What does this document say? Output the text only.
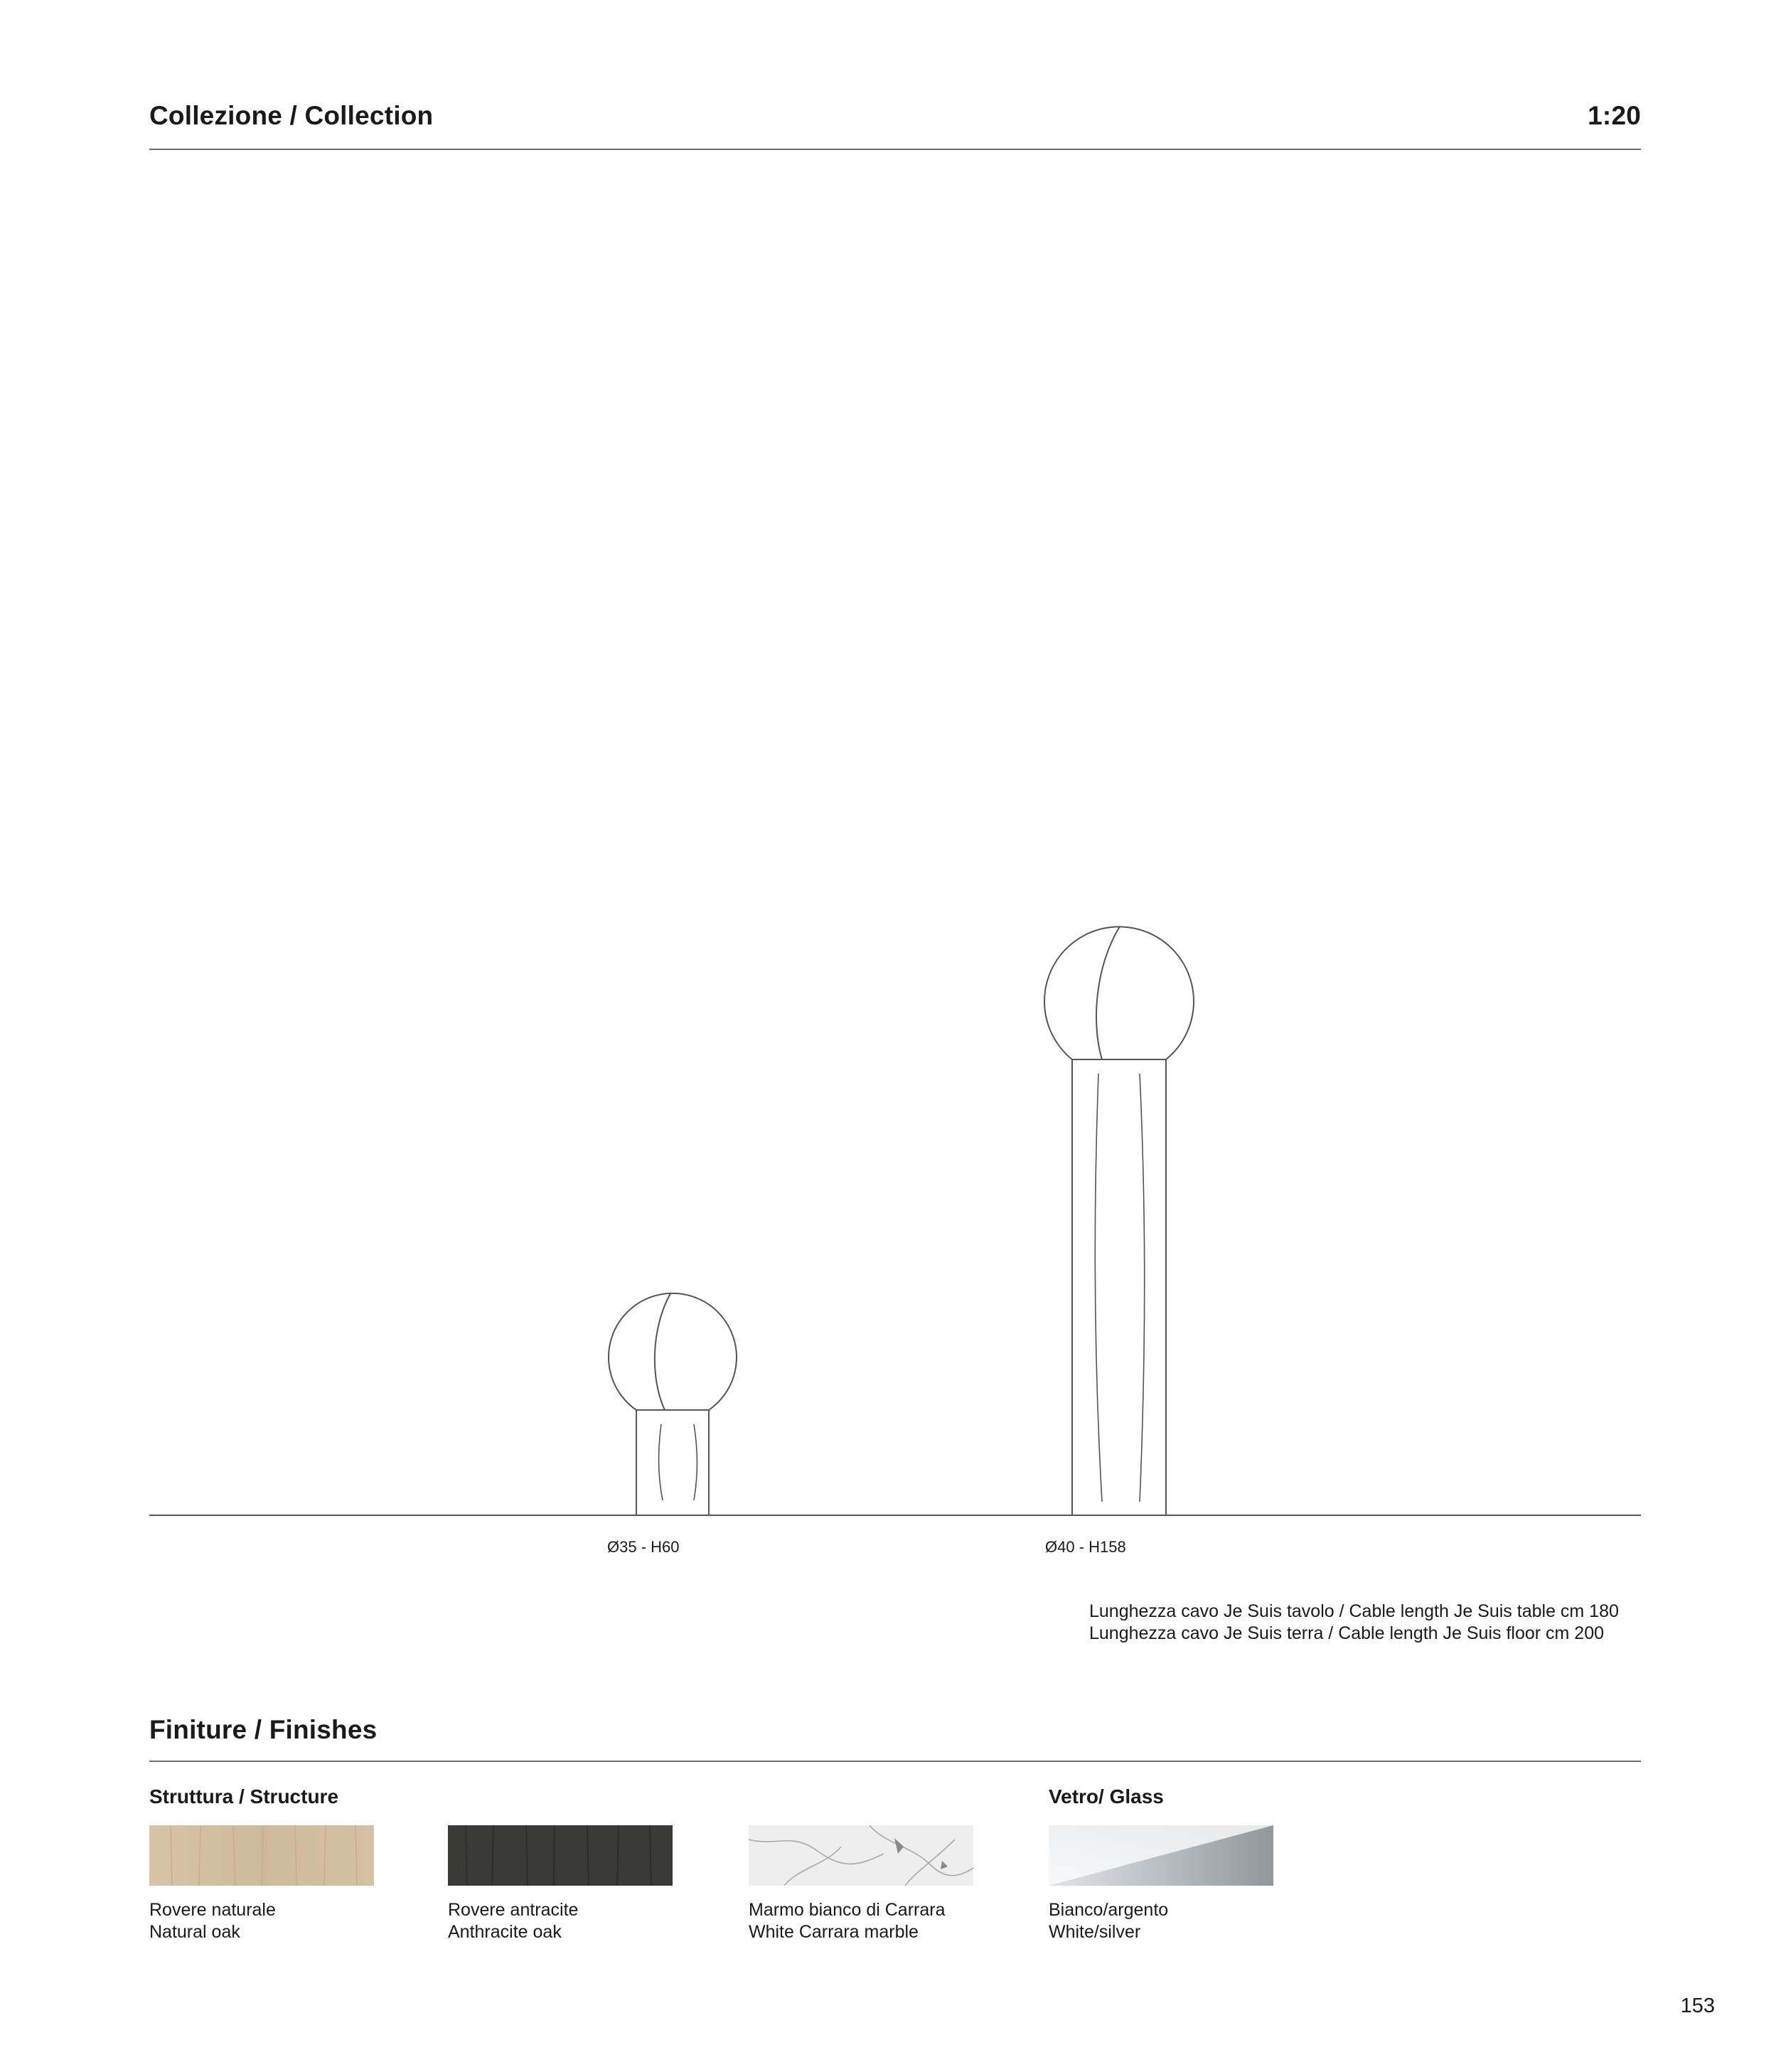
Collezione / Collection	1:20
Ø35 - H60	Ø40 - H158
Lunghezza cavo Je Suis tavolo / Cable length Je Suis table cm 180
Lunghezza cavo Je Suis terra / Cable length Je Suis floor cm 200
Finiture / Finishes
Struttura / Structure	Vetro/ Glass
Rovere naturale
Natural oak
Rovere antracite
Anthracite oak
Marmo bianco di Carrara
White Carrara marble
Bianco/argento
White/silver
153
